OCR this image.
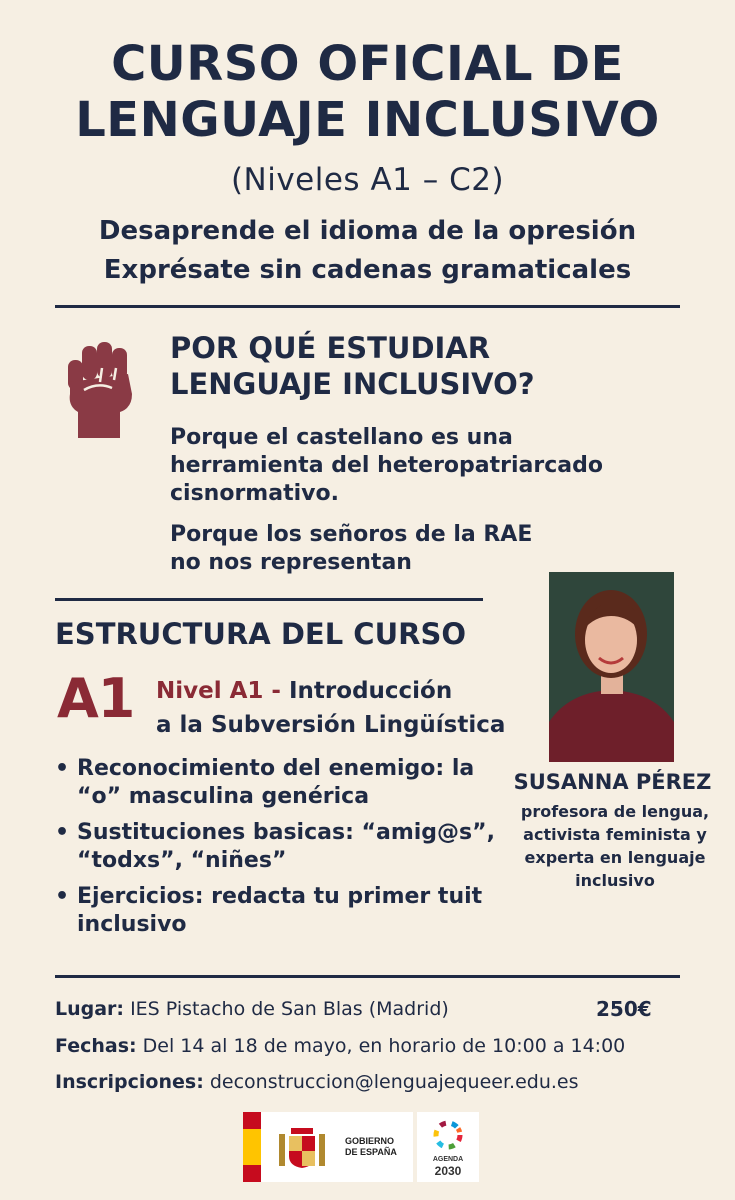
CURSO OFICIAL DE
LENGUAJE INCLUSIVO
(Niveles A1 – C2)
Desaprende el idioma de la opresión
Exprésate sin cadenas gramaticales
POR QUÉ ESTUDIAR
LENGUAJE INCLUSIVO?
Porque el castellano es una herramienta del heteropatriarcado cisnormativo.
Porque los señoros de la RAE no nos representan
ESTRUCTURA DEL CURSO
A1 Nivel A1 - Introducción
a la Subversión Lingüística
• Reconocimiento del enemigo: la “o” masculina genérica
• Sustituciones basicas: “amig@s”, “todxs”, “niñes”
• Ejercicios: redacta tu primer tuit inclusivo
SUSANNA PÉREZ
profesora de lengua,
activista feminista y
experta en lenguaje
inclusivo
Lugar: IES Pistacho de San Blas (Madrid)	250€
Fechas: Del 14 al 18 de mayo, en horario de 10:00 a 14:00
Inscripciones: deconstruccion@lenguajequeer.edu.es
GOBIERNO
DE ESPAÑA
AGENDA
2030
